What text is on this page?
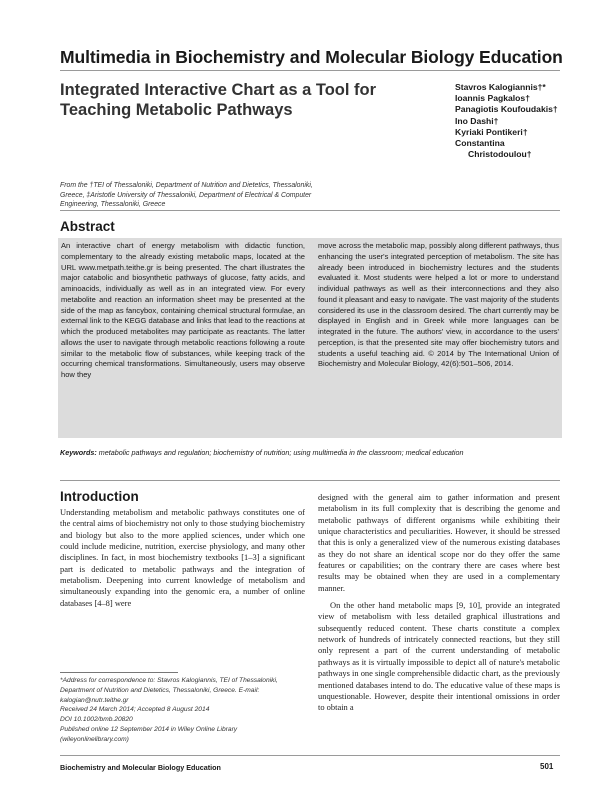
Multimedia in Biochemistry and Molecular Biology Education
Integrated Interactive Chart as a Tool for Teaching Metabolic Pathways
Stavros Kalogiannis†*
Ioannis Pagkalos†
Panagiotis Koufoudakis†
Ino Dashi†
Kyriaki Pontikeri†
Constantina
Christodoulou†
From the †TEI of Thessaloniki, Department of Nutrition and Dietetics, Thessaloniki, Greece, ‡Aristotle University of Thessaloniki, Department of Electrical & Computer Engineering, Thessaloniki, Greece
Abstract
An interactive chart of energy metabolism with didactic function, complementary to the already existing metabolic maps, located at the URL www.metpath.teithe.gr is being presented. The chart illustrates the major catabolic and biosynthetic pathways of glucose, fatty acids, and aminoacids, individually as well as in an integrated view. For every metabolite and reaction an information sheet may be presented at the side of the map as fancybox, containing chemical structural formulae, an external link to the KEGG database and links that lead to the reactions at which the produced metabolites may participate as reactants. The latter allows the user to navigate through metabolic reactions following a route similar to the metabolic flow of substances, while keeping track of the occurring chemical transformations. Simultaneously, users may observe how they
move across the metabolic map, possibly along different pathways, thus enhancing the user's integrated perception of metabolism. The site has already been introduced in biochemistry lectures and the students evaluated it. Most students were helped a lot or more to understand individual pathways as well as their interconnections and they also found it pleasant and easy to navigate. The vast majority of the students considered its use in the classroom desired. The chart currently may be displayed in English and in Greek while more languages can be integrated in the future. The authors' view, in accordance to the users' perception, is that the presented site may offer biochemistry tutors and students a useful teaching aid. © 2014 by The International Union of Biochemistry and Molecular Biology, 42(6):501–506, 2014.
Keywords: metabolic pathways and regulation; biochemistry of nutrition; using multimedia in the classroom; medical education
Introduction
Understanding metabolism and metabolic pathways constitutes one of the central aims of biochemistry not only to those studying biochemistry and biology but also to the more applied sciences, under which one could include medicine, nutrition, exercise physiology, and many other disciplines. In fact, in most biochemistry textbooks [1–3] a significant part is dedicated to metabolic pathways and the integration of metabolism. Deepening into current knowledge of metabolism and simultaneously expanding into the genomic era, a number of online databases [4–8] were

designed with the general aim to gather information and present metabolism in its full complexity that is describing the genome and metabolic pathways of different organisms while exhibiting their unique characteristics and peculiarities. However, it should be stressed that this is only a generalized view of the numerous existing databases as they do not share an identical scope nor do they offer the same features or capabilities; on the contrary there are cases where best results may be obtained when they are used in a complementary manner.

On the other hand metabolic maps [9, 10], provide an integrated view of metabolism with less detailed graphical illustrations and subsequently reduced content. These charts constitute a complex network of hundreds of intricately connected reactions, but they still only represent a part of the current understanding of metabolic pathways as it is virtually impossible to depict all of nature's metabolic pathways in one single comprehensible didactic chart, as the previously mentioned databases intend to do. The educative value of these maps is unquestionable. However, despite their intentional omissions in order to obtain a

*Address for correspondence to: Stavros Kalogiannis, TEI of Thessaloniki, Department of Nutrition and Dietetics, Thessaloniki, Greece. E-mail: kalogian@nutr.teithe.gr
Received 24 March 2014; Accepted 8 August 2014
DOI 10.1002/bmb.20820
Published online 12 September 2014 in Wiley Online Library (wileyonlinelibrary.com)
Biochemistry and Molecular Biology Education	501
